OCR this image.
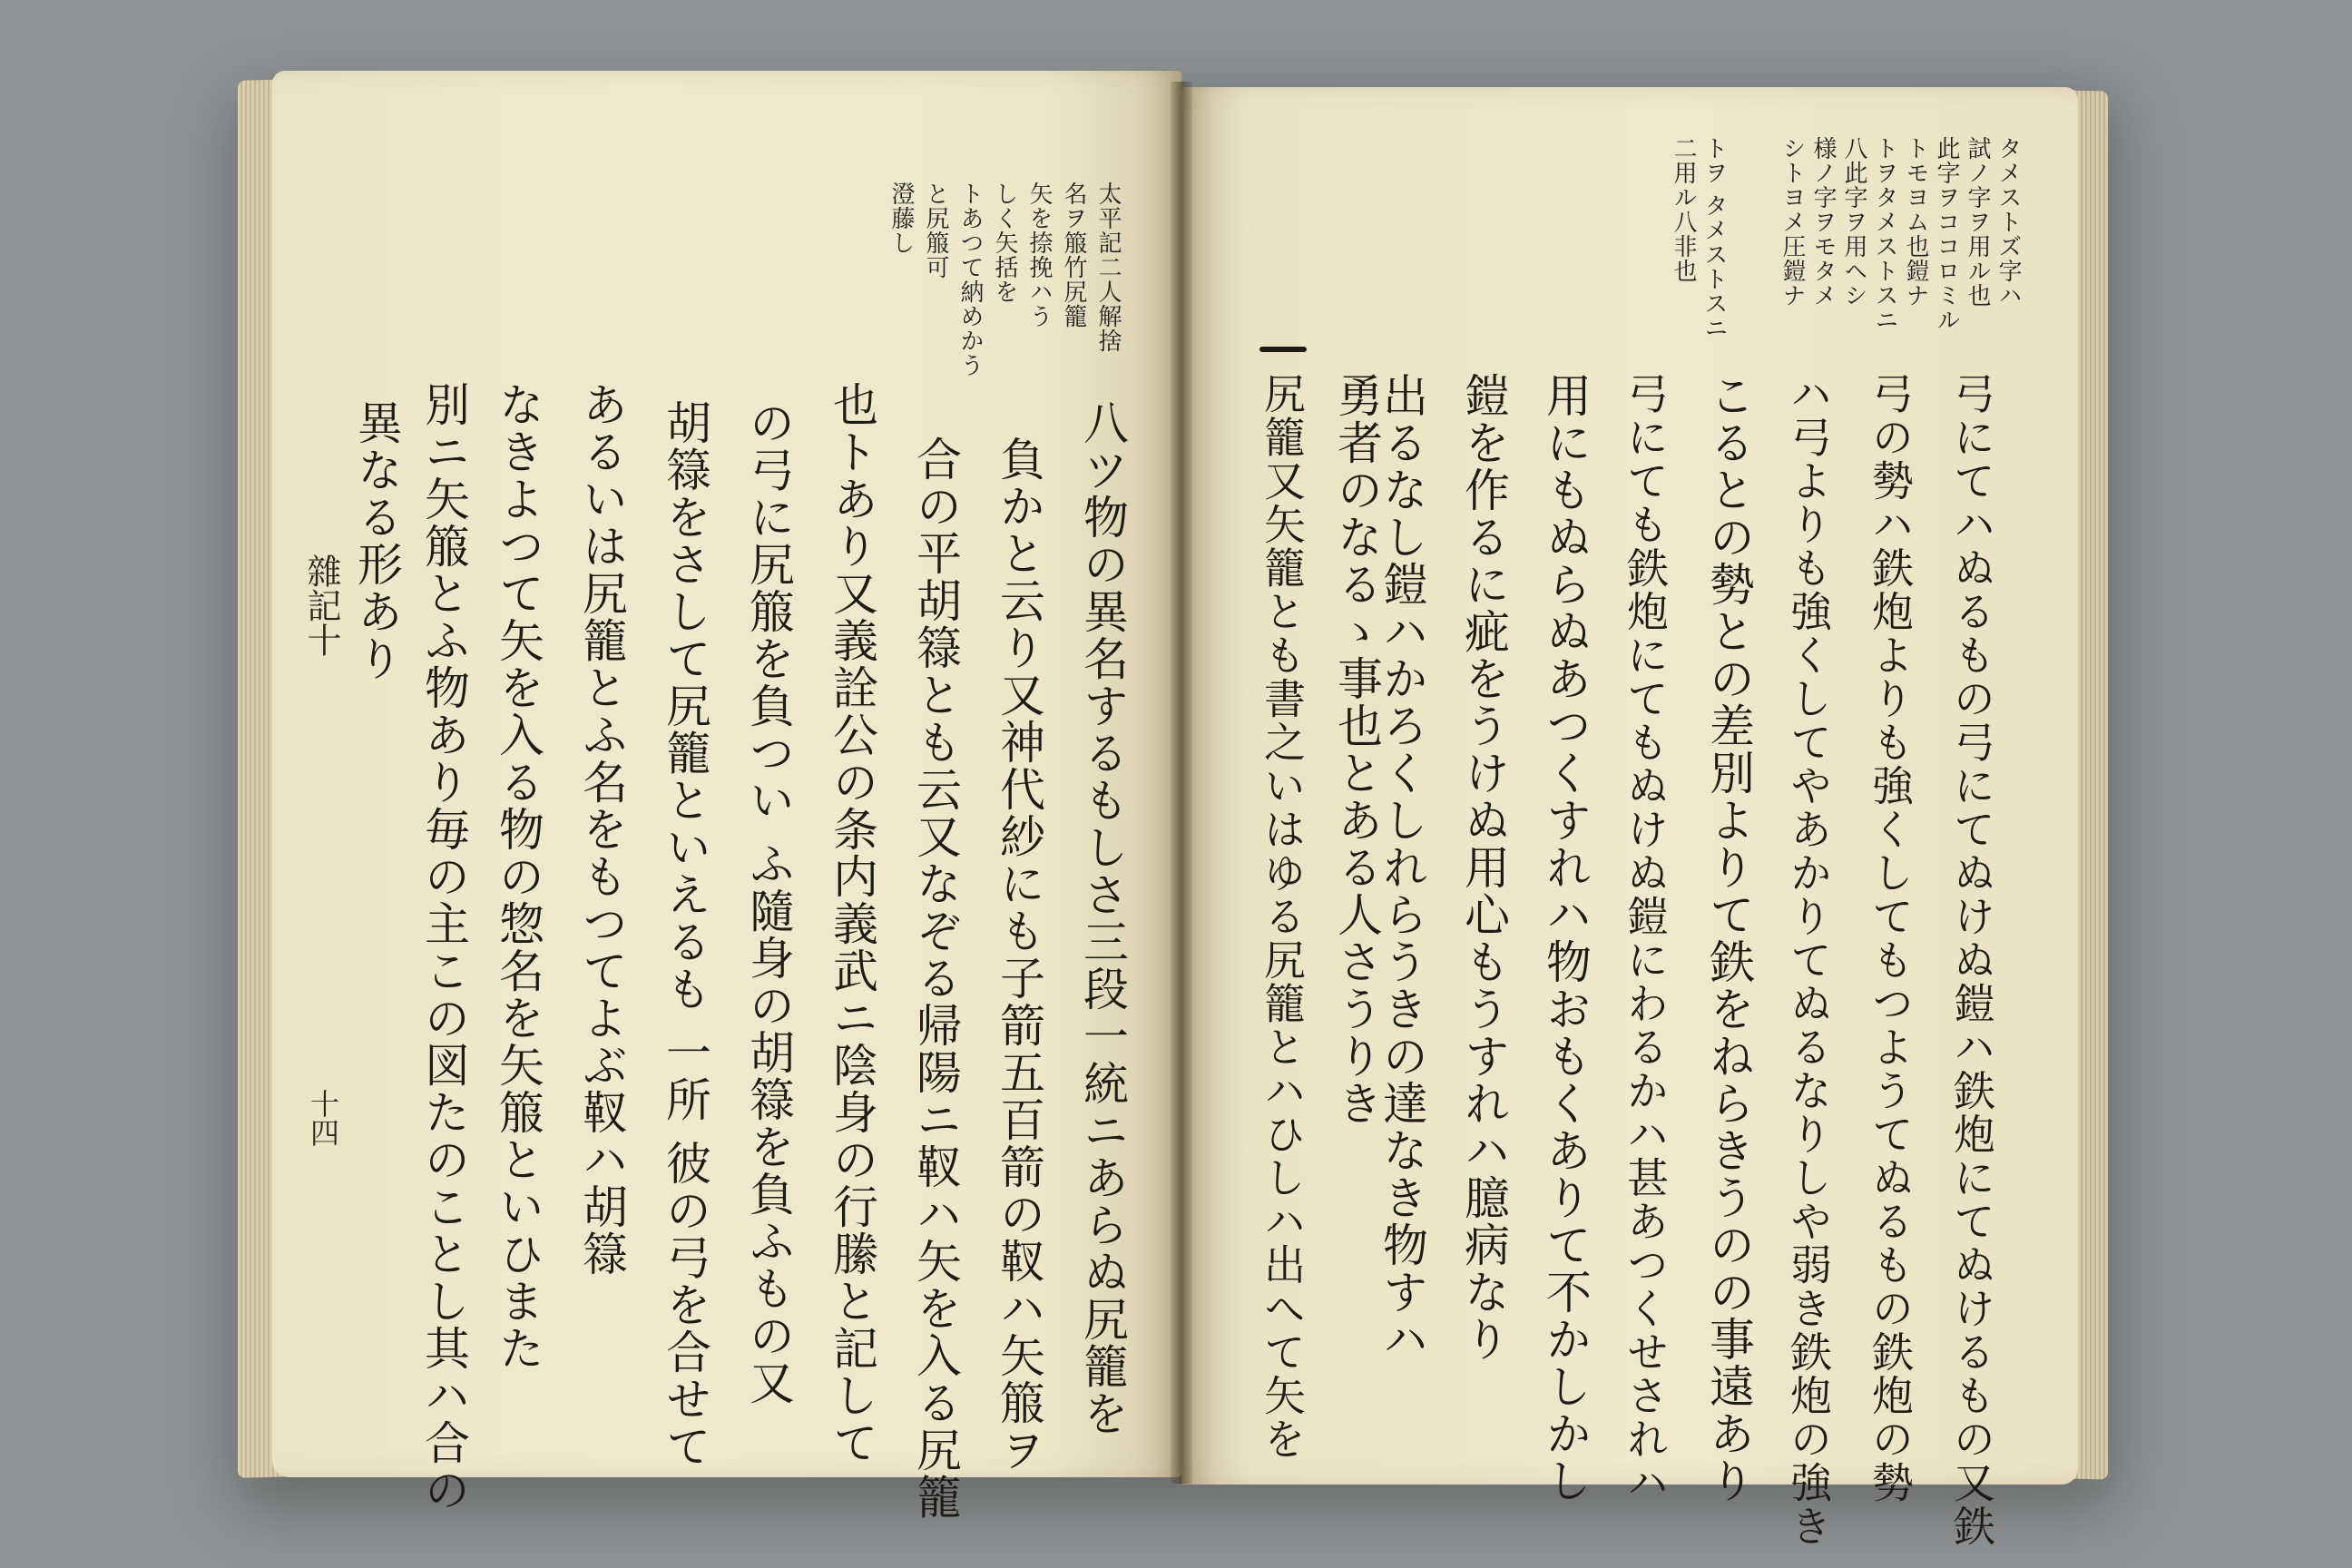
雜記十
十四
太平記二人解捨
名ヲ箙竹尻籠
矢を捺挽ハう
しく矢括を
トあつて納めかう
と尻箙可
澄藤し
八ツ物の異名するもしさ三段一統ニあらぬ尻籠を
負かと云り又神代紗にも子箭五百箭の靫ハ矢箙ヲ
合の平胡簶とも云又なぞる帰陽ニ靫ハ矢を入る尻籠
也トあり又義詮公の条内義武ニ陰身の行縢と記して
の弓に尻箙を負つい ふ隨身の胡簶を負ふもの又
胡簶をさして尻籠といえるも 一所 彼の弓を合せて
あるいは尻籠とふ名をもつてよぶ靫ハ胡簶
なきよつて矢を入る物の惣名を矢箙といひまた
別ニ矢箙とふ物あり毎の主この図たのことし其ハ合の
異なる形あり
タメストズ字ハ
試ノ字ヲ用ル也
此字ヲココロミル
トモヨム也鎧ナ
トヲタメストスニ
八此字ヲ用ヘシ
様ノ字ヲモタメ
シトヨメ圧鎧ナ
トヲ タメストスニ
二用ル八非也
弓にてハぬるもの弓にてぬけぬ鎧ハ鉄炮にてぬけるもの又鉄
弓の勢ハ鉄炮よりも強くしてもつようてぬるもの鉄炮の勢
ハ弓よりも強くしてやあかりてぬるなりしや弱き鉄炮の強き
こるとの勢との差別よりて鉄をねらきうのの事遠あり
弓にても鉄炮にてもぬけぬ鎧にわるかハ甚あつくせされハ
用にもぬらぬあつくすれハ物おもくありて不かしかし
鎧を作るに疵をうけぬ用心もうすれハ臆病なり
出るなし鎧ハかろくしれらうきの達なき物すハ
勇者のなるゝ事也とある人さうりき
尻籠又矢籠とも書之いはゆる尻籠とハひしハ出へて矢を
